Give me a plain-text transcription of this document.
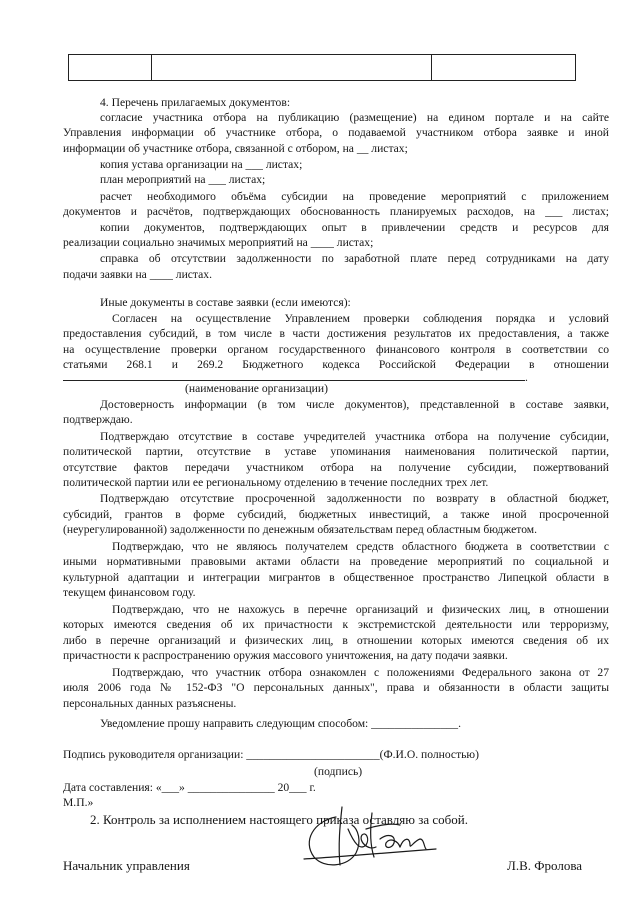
4. Перечень прилагаемых документов:
согласие участника отбора на публикацию (размещение) на едином портале и на сайте
Управления информации об участнике отбора, о подаваемой участником отбора заявке и иной
информации об участнике отбора, связанной с отбором, на __ листах;
копия устава организации на ___ листах;
план мероприятий на ___ листах;
расчет необходимого объёма субсидии на проведение мероприятий с приложением
документов и расчётов, подтверждающих обоснованность планируемых расходов, на ___ листах;
копии документов, подтверждающих опыт в привлечении средств и ресурсов для
реализации социально значимых мероприятий на ____ листах;
справка об отсутствии задолженности по заработной плате перед сотрудниками на дату
подачи заявки на ____ листах.
Иные документы в составе заявки (если имеются):
Согласен на осуществление Управлением проверки соблюдения порядка и условий
предоставления субсидий, в том числе в части достижения результатов их предоставления, а также
на осуществление проверки органом государственного финансового контроля в соответствии со
статьями 268.1 и 269.2 Бюджетного кодекса Российской Федерации в отношении
.
(наименование организации)
Достоверность информации (в том числе документов), представленной в составе заявки,
подтверждаю.
Подтверждаю отсутствие в составе учредителей участника отбора на получение субсидии,
политической партии, отсутствие в уставе упоминания наименования политической партии,
отсутствие фактов передачи участником отбора на получение субсидии, пожертвований
политической партии или ее региональному отделению в течение последних трех лет.
Подтверждаю отсутствие просроченной задолженности по возврату в областной бюджет,
субсидий, грантов в форме субсидий, бюджетных инвестиций, а также иной просроченной
(неурегулированной) задолженности по денежным обязательствам перед областным бюджетом.
Подтверждаю, что не являюсь получателем средств областного бюджета в соответствии с
иными нормативными правовыми актами области на проведение мероприятий по социальной и
культурной адаптации и интеграции мигрантов в общественное пространство Липецкой области в
текущем финансовом году.
Подтверждаю, что не нахожусь в перечне организаций и физических лиц, в отношении
которых имеются сведения об их причастности к экстремистской деятельности или терроризму,
либо в перечне организаций и физических лиц, в отношении которых имеются сведения об их
причастности к распространению оружия массового уничтожения, на дату подачи заявки.
Подтверждаю, что участник отбора ознакомлен с положениями Федерального закона от 27
июля 2006 года № 152-ФЗ "О персональных данных", права и обязанности в области защиты
персональных данных разъяснены.
Уведомление прошу направить следующим способом: _______________.
Подпись руководителя организации: _______________________(Ф.И.О. полностью)
(подпись)
Дата составления: «___» _______________ 20___ г.
М.П.»
2. Контроль за исполнением настоящего приказа оставляю за собой.
Начальник управления	Л.В. Фролова
